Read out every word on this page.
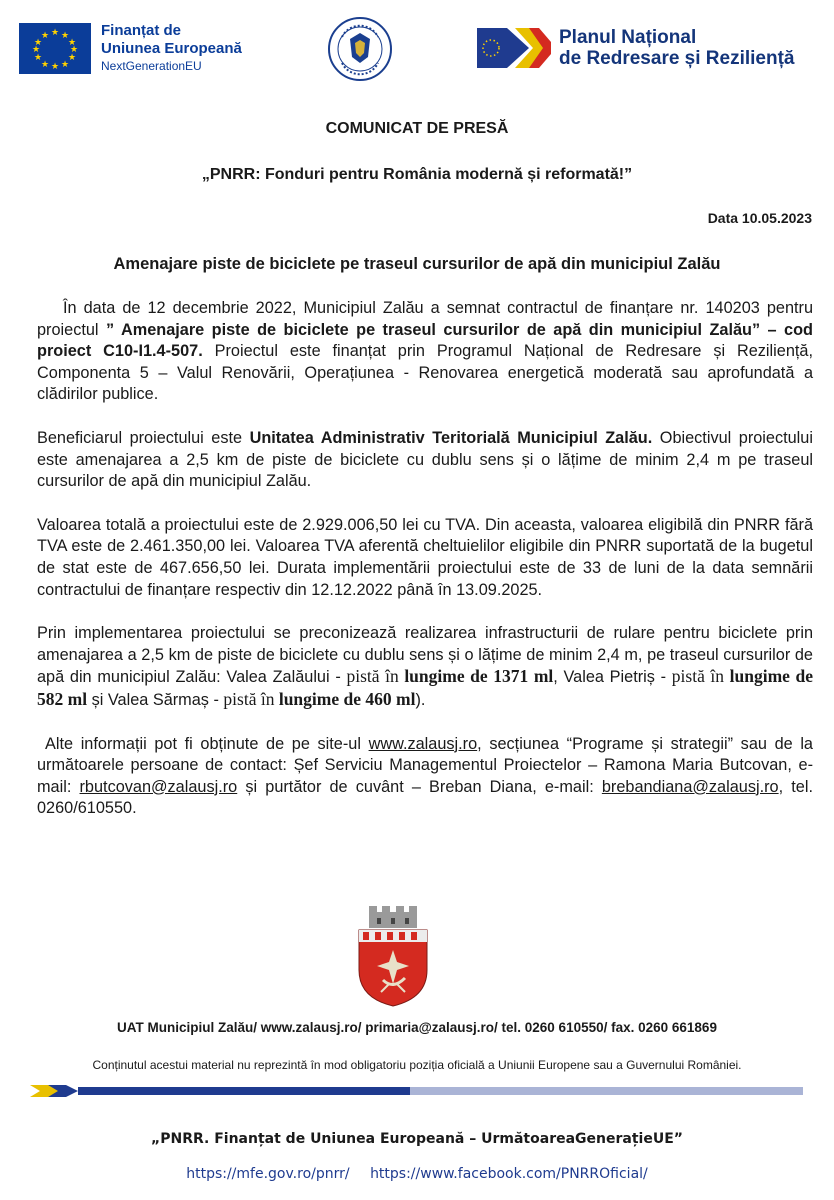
★ ★
★
★
★
★
★
★
★
★
★
★	Finanțat de
Uniunea Europeană
NextGenerationEU
Planul Național
de Redresare și Reziliență
COMUNICAT DE PRESĂ
„PNRR: Fonduri pentru România modernă și reformată!”
Data 10.05.2023
Amenajare piste de biciclete pe traseul cursurilor de apă din municipiul Zalău

În data de 12 decembrie 2022, Municipiul Zalău a semnat contractul de finanțare nr. 140203 pentru proiectul ” Amenajare piste de biciclete pe traseul cursurilor de apă din municipiul Zalău” – cod proiect C10-I1.4-507. Proiectul este finanțat prin Programul Național de Redresare și Reziliență, Componenta 5 – Valul Renovării, Operațiunea - Renovarea energetică moderată sau aprofundată a clădirilor publice.

Beneficiarul proiectului este Unitatea Administrativ Teritorială Municipiul Zalău. Obiectivul proiectului este amenajarea a 2,5 km de piste de biciclete cu dublu sens și o lățime de minim 2,4 m pe traseul cursurilor de apă din municipiul Zalău.

Valoarea totală a proiectului este de 2.929.006,50 lei cu TVA. Din aceasta, valoarea eligibilă din PNRR fără TVA este de 2.461.350,00 lei. Valoarea TVA aferentă cheltuielilor eligibile din PNRR suportată de la bugetul de stat este de 467.656,50 lei. Durata implementării proiectului este de 33 de luni de la data semnării contractului de finanțare respectiv din 12.12.2022 până în 13.09.2025.

Prin implementarea proiectului se preconizează realizarea infrastructurii de rulare pentru biciclete prin amenajarea a 2,5 km de piste de biciclete cu dublu sens și o lățime de minim 2,4 m, pe traseul cursurilor de apă din municipiul Zalău: Valea Zalăului - pistă în lungime de 1371 ml, Valea Pietriș - pistă în lungime de 582 ml și Valea Sărmaș - pistă în lungime de 460 ml).

Alte informații pot fi obținute de pe site-ul www.zalausj.ro, secțiunea “Programe și strategii” sau de la următoarele persoane de contact: Șef Serviciu Managementul Proiectelor – Ramona Maria Butcovan, e-mail: rbutcovan@zalausj.ro și purtător de cuvânt – Breban Diana, e-mail: brebandiana@zalausj.ro, tel. 0260/610550.

UAT Municipiul Zalău/ www.zalausj.ro/ primaria@zalausj.ro/ tel. 0260 610550/ fax. 0260 661869
Conținutul acestui material nu reprezintă în mod obligatoriu poziția oficială a Uniunii Europene sau a Guvernului României.
„PNRR. Finanțat de Uniunea Europeană – UrmătoareaGenerațieUE”
https://mfe.gov.ro/pnrr/ https://www.facebook.com/PNRROficial/
